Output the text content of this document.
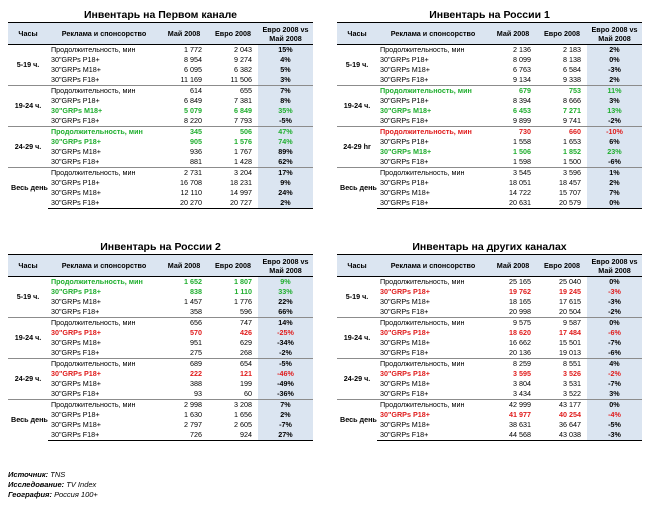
Инвентарь на Первом канале
Часы	Реклама и спонсорство	Май 2008	Евро 2008	Евро 2008 vs Май 2008
5-19 ч.	Продолжительность, мин	1 772	2 043	15%
	30"GRPs P18+	8 954	9 274	4%
	30"GRPs M18+	6 095	6 382	5%
	30"GRPs F18+	11 169	11 506	3%
19-24 ч.	Продолжительность, мин	614	655	7%
	30"GRPs P18+	6 849	7 381	8%
	30"GRPs M18+	5 079	6 849	35%
	30"GRPs F18+	8 220	7 793	-5%
24-29 ч.	Продолжительность, мин	345	506	47%
	30"GRPs P18+	905	1 576	74%
	30"GRPs M18+	936	1 767	89%
	30"GRPs F18+	881	1 428	62%
Весь день	Продолжительность, мин	2 731	3 204	17%
	30"GRPs P18+	16 708	18 231	9%
	30"GRPs M18+	12 110	14 997	24%
	30"GRPs F18+	20 270	20 727	2%
Инвентарь на России 1
Часы	Реклама и спонсорство	Май 2008	Евро 2008	Евро 2008 vs Май 2008
5-19 ч.	Продолжительность, мин	2 136	2 183	2%
	30"GRPs P18+	8 099	8 138	0%
	30"GRPs M18+	6 763	6 584	-3%
	30"GRPs F18+	9 134	9 338	2%
19-24 ч.	Продолжительность, мин	679	753	11%
	30"GRPs P18+	8 394	8 666	3%
	30"GRPs M18+	6 453	7 271	13%
	30"GRPs F18+	9 899	9 741	-2%
24-29 hr	Продолжительность, мин	730	660	-10%
	30"GRPs P18+	1 558	1 653	6%
	30"GRPs M18+	1 506	1 852	23%
	30"GRPs F18+	1 598	1 500	-6%
Весь день	Продолжительность, мин	3 545	3 596	1%
	30"GRPs P18+	18 051	18 457	2%
	30"GRPs M18+	14 722	15 707	7%
	30"GRPs F18+	20 631	20 579	0%
Инвентарь на России 2
Часы	Реклама и спонсорство	Май 2008	Евро 2008	Евро 2008 vs Май 2008
5-19 ч.	Продолжительность, мин	1 652	1 807	9%
	30"GRPs P18+	838	1 110	33%
	30"GRPs M18+	1 457	1 776	22%
	30"GRPs F18+	358	596	66%
19-24 ч.	Продолжительность, мин	656	747	14%
	30"GRPs P18+	570	426	-25%
	30"GRPs M18+	951	629	-34%
	30"GRPs F18+	275	268	-2%
24-29 ч.	Продолжительность, мин	689	654	-5%
	30"GRPs P18+	222	121	-46%
	30"GRPs M18+	388	199	-49%
	30"GRPs F18+	93	60	-36%
Весь день	Продолжительность, мин	2 998	3 208	7%
	30"GRPs P18+	1 630	1 656	2%
	30"GRPs M18+	2 797	2 605	-7%
	30"GRPs F18+	726	924	27%
Инвентарь на других каналах
Часы	Реклама и спонсорство	Май 2008	Евро 2008	Евро 2008 vs Май 2008
5-19 ч.	Продолжительность, мин	25 165	25 040	0%
	30"GRPs P18+	19 762	19 245	-3%
	30"GRPs M18+	18 165	17 615	-3%
	30"GRPs F18+	20 998	20 504	-2%
19-24 ч.	Продолжительность, мин	9 575	9 587	0%
	30"GRPs P18+	18 620	17 484	-6%
	30"GRPs M18+	16 662	15 501	-7%
	30"GRPs F18+	20 136	19 013	-6%
24-29 ч.	Продолжительность, мин	8 259	8 551	4%
	30"GRPs P18+	3 595	3 526	-2%
	30"GRPs M18+	3 804	3 531	-7%
	30"GRPs F18+	3 434	3 522	3%
Весь день	Продолжительность, мин	42 999	43 177	0%
	30"GRPs P18+	41 977	40 254	-4%
	30"GRPs M18+	38 631	36 647	-5%
	30"GRPs F18+	44 568	43 038	-3%
Источник: TNS
Исследование: TV Index
География: Россия 100+
